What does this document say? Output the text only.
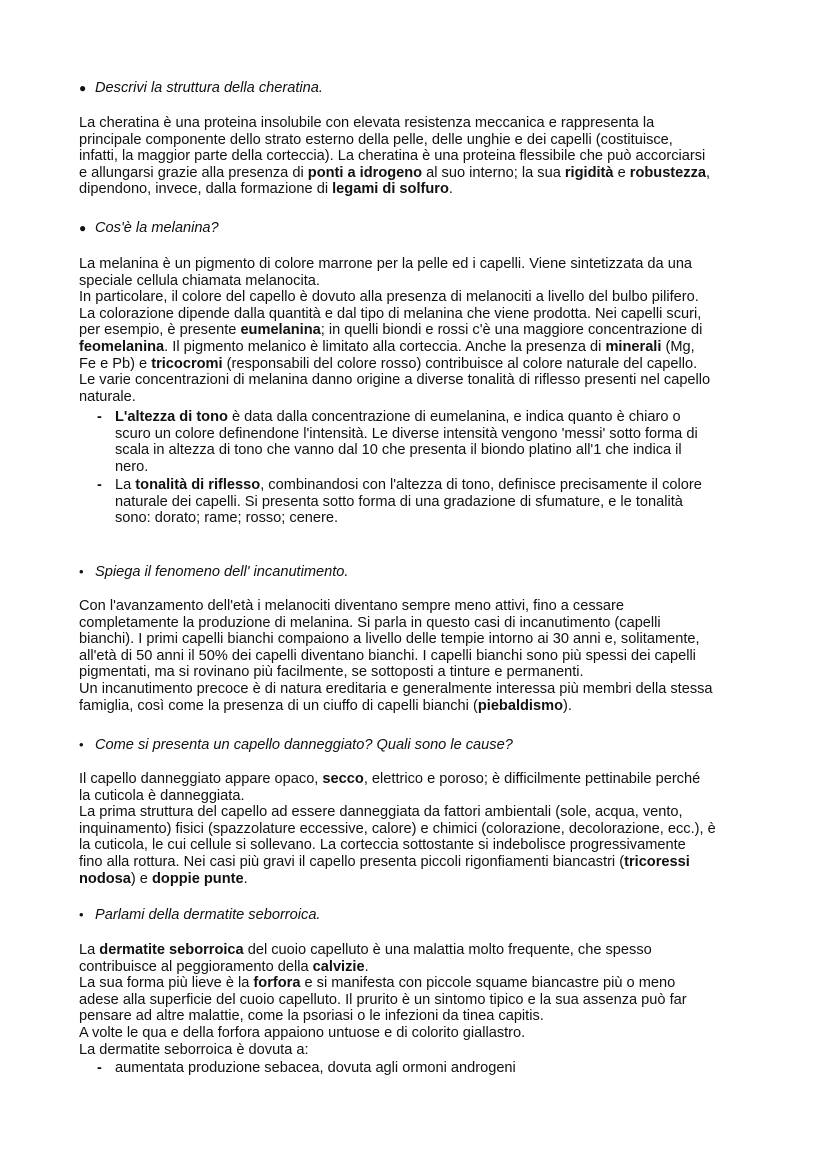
● Descrivi la struttura della cheratina.
La cheratina è una proteina insolubile con elevata resistenza meccanica e rappresenta la
principale componente dello strato esterno della pelle, delle unghie e dei capelli (costituisce,
infatti, la maggior parte della corteccia). La cheratina è una proteina flessibile che può accorciarsi
e allungarsi grazie alla presenza di ponti a idrogeno al suo interno; la sua rigidità e robustezza,
dipendono, invece, dalla formazione di legami di solfuro.
● Cos'è la melanina?
La melanina è un pigmento di colore marrone per la pelle ed i capelli. Viene sintetizzata da una
speciale cellula chiamata melanocita.
In particolare, il colore del capello è dovuto alla presenza di melanociti a livello del bulbo pilifero.
La colorazione dipende dalla quantità e dal tipo di melanina che viene prodotta. Nei capelli scuri,
per esempio, è presente eumelanina; in quelli biondi e rossi c'è una maggiore concentrazione di
feomelanina. Il pigmento melanico è limitato alla corteccia. Anche la presenza di minerali (Mg,
Fe e Pb) e tricocromi (responsabili del colore rosso) contribuisce al colore naturale del capello.
Le varie concentrazioni di melanina danno origine a diverse tonalità di riflesso presenti nel capello
naturale.
- L'altezza di tono è data dalla concentrazione di eumelanina, e indica quanto è chiaro o
scuro un colore definendone l'intensità. Le diverse intensità vengono 'messi' sotto forma di
scala in altezza di tono che vanno dal 10 che presenta il biondo platino all'1 che indica il
nero.
- La tonalità di riflesso, combinandosi con l'altezza di tono, definisce precisamente il colore
naturale dei capelli. Si presenta sotto forma di una gradazione di sfumature, e le tonalità
sono: dorato; rame; rosso; cenere.
• Spiega il fenomeno dell' incanutimento.
Con l'avanzamento dell'età i melanociti diventano sempre meno attivi, fino a cessare
completamente la produzione di melanina. Si parla in questo casi di incanutimento (capelli
bianchi). I primi capelli bianchi compaiono a livello delle tempie intorno ai 30 anni e, solitamente,
all'età di 50 anni il 50% dei capelli diventano bianchi. I capelli bianchi sono più spessi dei capelli
pigmentati, ma si rovinano più facilmente, se sottoposti a tinture e permanenti.
Un incanutimento precoce è di natura ereditaria e generalmente interessa più membri della stessa
famiglia, così come la presenza di un ciuffo di capelli bianchi (piebaldismo).
• Come si presenta un capello danneggiato? Quali sono le cause?
Il capello danneggiato appare opaco, secco, elettrico e poroso; è difficilmente pettinabile perché
la cuticola è danneggiata.
La prima struttura del capello ad essere danneggiata da fattori ambientali (sole, acqua, vento,
inquinamento) fisici (spazzolature eccessive, calore) e chimici (colorazione, decolorazione, ecc.), è
la cuticola, le cui cellule si sollevano. La corteccia sottostante si indebolisce progressivamente
fino alla rottura. Nei casi più gravi il capello presenta piccoli rigonfiamenti biancastri (tricoressi
nodosa) e doppie punte.
• Parlami della dermatite seborroica.
La dermatite seborroica del cuoio capelluto è una malattia molto frequente, che spesso
contribuisce al peggioramento della calvizie.
La sua forma più lieve è la forfora e si manifesta con piccole squame biancastre più o meno
adese alla superficie del cuoio capelluto. Il prurito è un sintomo tipico e la sua assenza può far
pensare ad altre malattie, come la psoriasi o le infezioni da tinea capitis.
A volte le qua e della forfora appaiono untuose e di colorito giallastro.
La dermatite seborroica è dovuta a:
- aumentata produzione sebacea, dovuta agli ormoni androgeni
